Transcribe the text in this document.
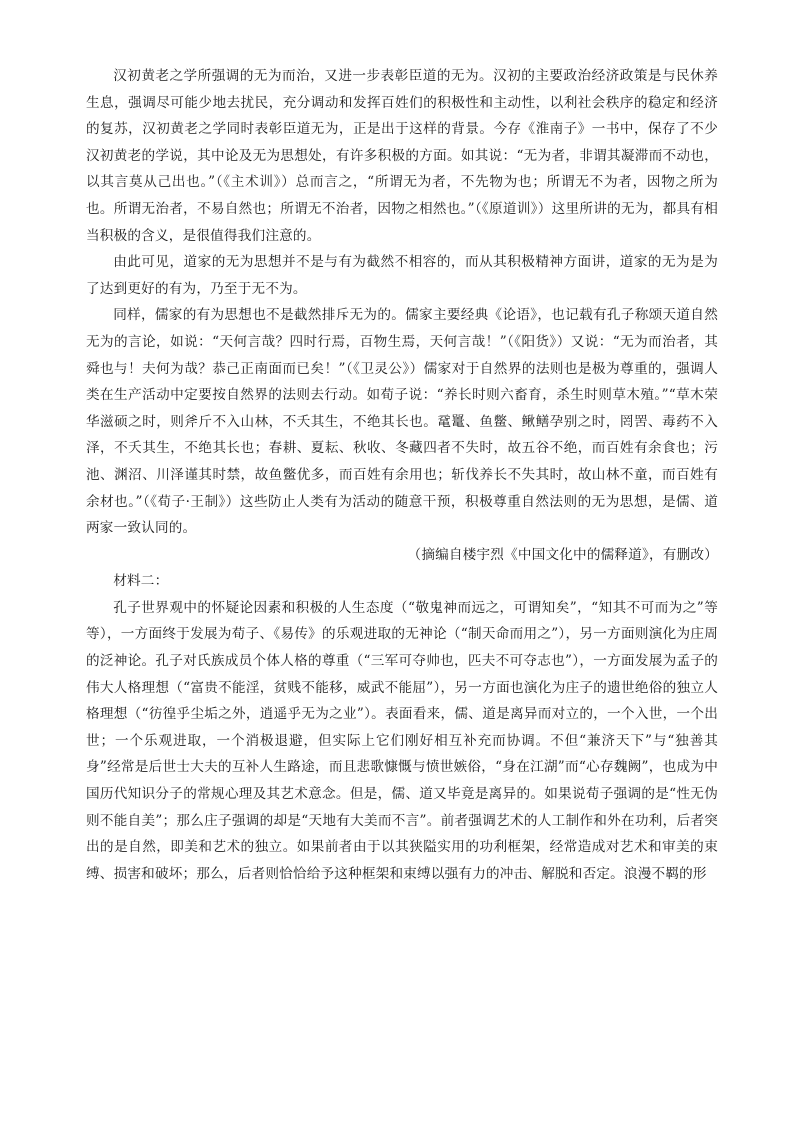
汉初黄老之学所强调的无为而治，又进一步表彰臣道的无为。汉初的主要政治经济政策是与民休养生息，强调尽可能少地去扰民，充分调动和发挥百姓们的积极性和主动性，以利社会秩序的稳定和经济的复苏，汉初黄老之学同时表彰臣道无为，正是出于这样的背景。今存《淮南子》一书中，保存了不少汉初黄老的学说，其中论及无为思想处，有许多积极的方面。如其说：“无为者，非谓其凝滞而不动也，以其言莫从己出也。”（《主术训》）总而言之，“所谓无为者，不先物为也；所谓无不为者，因物之所为也。所谓无治者，不易自然也；所谓无不治者，因物之相然也。”（《原道训》）这里所讲的无为，都具有相当积极的含义，是很值得我们注意的。

由此可见，道家的无为思想并不是与有为截然不相容的，而从其积极精神方面讲，道家的无为是为了达到更好的有为，乃至于无不为。

同样，儒家的有为思想也不是截然排斥无为的。儒家主要经典《论语》，也记载有孔子称颂天道自然无为的言论，如说：“天何言哉？四时行焉，百物生焉，天何言哉！”（《阳货》）又说：“无为而治者，其舜也与！夫何为哉？恭己正南面而已矣！”（《卫灵公》）儒家对于自然界的法则也是极为尊重的，强调人类在生产活动中定要按自然界的法则去行动。如荀子说：“养长时则六畜育，杀生时则草木殖。”“草木荣华滋硕之时，则斧斤不入山林，不夭其生，不绝其长也。鼋鼍、鱼鳖、鳅鳝孕别之时，罔罟、毒药不入泽，不夭其生，不绝其长也；春耕、夏耘、秋收、冬藏四者不失时，故五谷不绝，而百姓有余食也；污池、渊沼、川泽谨其时禁，故鱼鳖优多，而百姓有余用也；斩伐养长不失其时，故山林不童，而百姓有余材也。”（《荀子·王制》）这些防止人类有为活动的随意干预，积极尊重自然法则的无为思想，是儒、道两家一致认同的。

（摘编自楼宇烈《中国文化中的儒释道》，有删改）

材料二：

孔子世界观中的怀疑论因素和积极的人生态度（“敬鬼神而远之，可谓知矣”，“知其不可而为之”等等），一方面终于发展为荀子、《易传》的乐观进取的无神论（“制天命而用之”），另一方面则演化为庄周的泛神论。孔子对氏族成员个体人格的尊重（“三军可夺帅也，匹夫不可夺志也”），一方面发展为孟子的伟大人格理想（“富贵不能淫，贫贱不能移，威武不能屈”），另一方面也演化为庄子的遗世绝俗的独立人格理想（“彷徨乎尘垢之外，逍遥乎无为之业”）。表面看来，儒、道是离异而对立的，一个入世，一个出世；一个乐观进取，一个消极退避，但实际上它们刚好相互补充而协调。不但“兼济天下”与“独善其身”经常是后世士大夫的互补人生路途，而且悲歌慷慨与愤世嫉俗，“身在江湖”而“心存魏阙”，也成为中国历代知识分子的常规心理及其艺术意念。但是，儒、道又毕竟是离异的。如果说荀子强调的是“性无伪则不能自美”；那么庄子强调的却是“天地有大美而不言”。前者强调艺术的人工制作和外在功利，后者突出的是自然，即美和艺术的独立。如果前者由于以其狭隘实用的功利框架，经常造成对艺术和审美的束缚、损害和破坏；那么，后者则恰恰给予这种框架和束缚以强有力的冲击、解脱和否定。浪漫不羁的形
